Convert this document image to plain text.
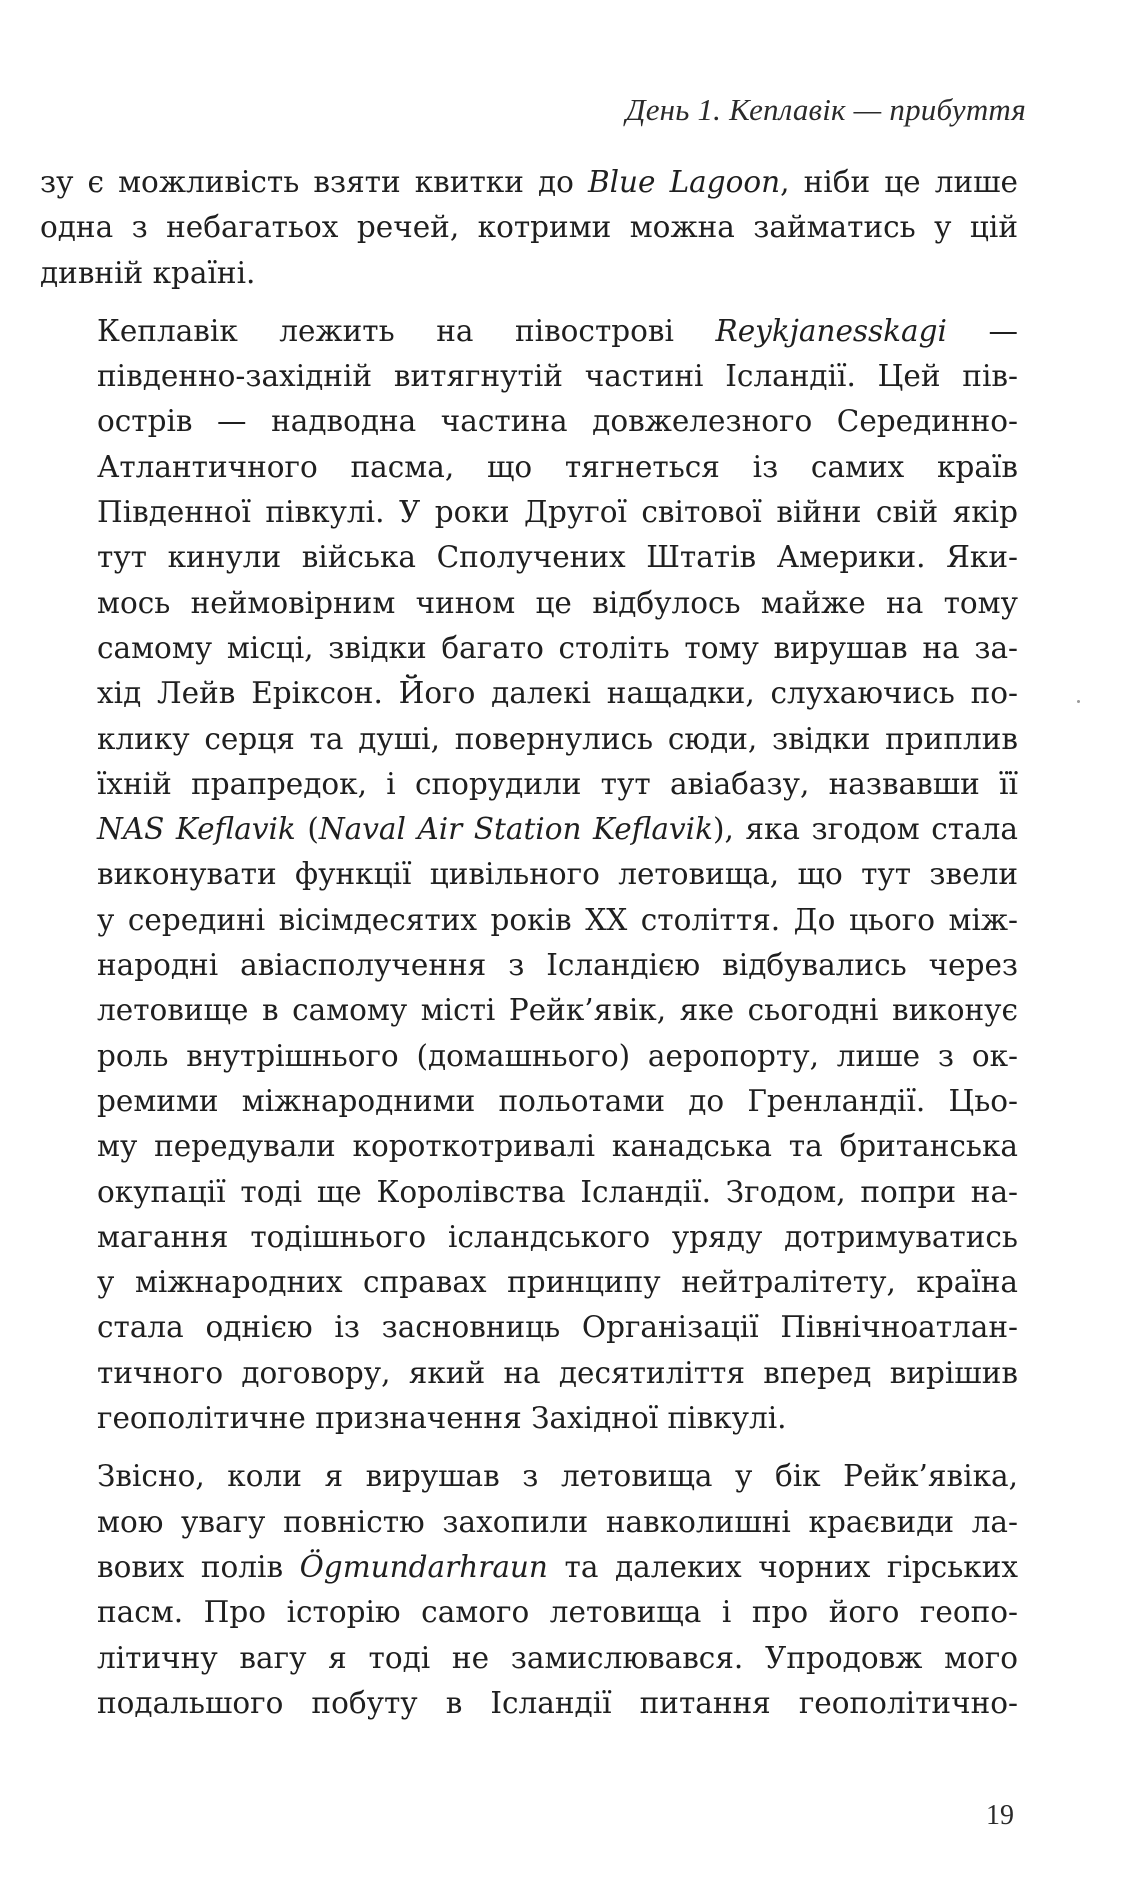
День 1. Кеплавік — прибуття

зу є можливість взяти квитки до Blue Lagoon, ніби це лише
одна з небагатьох речей, котрими можна займатись у цій
дивній країні.

Кеплавік лежить на півострові Reykjanesskagi —
південно-західній витягнутій частині Ісландії. Цей пів-
острів — надводна частина довжелезного Серединно-
Атлантичного пасма, що тягнеться із самих країв
Південної півкулі. У роки Другої світової війни свій якір
тут кинули війська Сполучених Штатів Америки. Яки-
мось неймовірним чином це відбулось майже на тому
самому місці, звідки багато століть тому вирушав на за-
хід Лейв Еріксон. Його далекі нащадки, слухаючись по-
клику серця та душі, повернулись сюди, звідки приплив
їхній прапредок, і спорудили тут авіабазу, назвавши її
NAS Keflavik (Naval Air Station Keflavik), яка згодом стала
виконувати функції цивільного летовища, що тут звели
у середині вісімдесятих років XX століття. До цього між-
народні авіасполучення з Ісландією відбувались через
летовище в самому місті Рейк’явік, яке сьогодні виконує
роль внутрішнього (домашнього) аеропорту, лише з ок-
ремими міжнародними польотами до Гренландії. Цьо-
му передували короткотривалі канадська та британська
окупації тоді ще Королівства Ісландії. Згодом, попри на-
магання тодішнього ісландського уряду дотримуватись
у міжнародних справах принципу нейтралітету, країна
стала однією із засновниць Організації Північноатлан-
тичного договору, який на десятиліття вперед вирішив
геополітичне призначення Західної півкулі.

Звісно, коли я вирушав з летовища у бік Рейк’явіка,
мою увагу повністю захопили навколишні краєвиди ла-
вових полів Ögmundarhraun та далеких чорних гірських
пасм. Про історію самого летовища і про його геопо-
літичну вагу я тоді не замислювався. Упродовж мого
подальшого побуту в Ісландії питання геополітично-

19
